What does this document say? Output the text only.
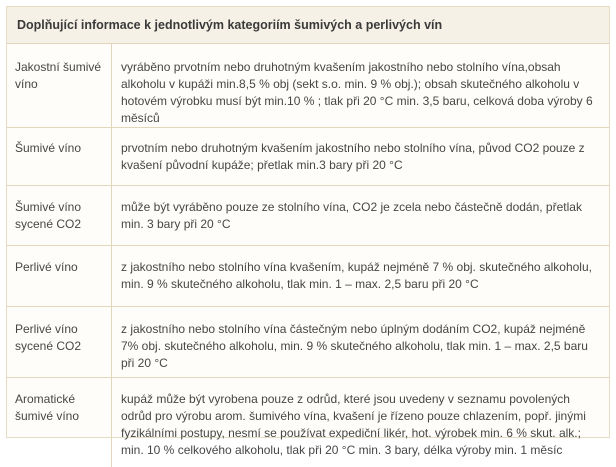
Doplňující informace k jednotlivým kategoriím šumivých a perlivých vín
Jakostní šumivé víno	vyráběno prvotním nebo druhotným kvašením jakostního nebo stolního vína,obsah alkoholu v kupáži min.8,5 % obj (sekt s.o. min. 9 % obj.); obsah skutečného alkoholu v hotovém výrobku musí být min.10 % ; tlak při 20 °C min. 3,5 baru, celková doba výroby 6 měsíců
Šumivé víno	prvotním nebo druhotným kvašením jakostního nebo stolního vína, původ CO2 pouze z kvašení původní kupáže; přetlak min.3 bary při 20 °C
Šumivé víno sycené CO2	může být vyráběno pouze ze stolního vína, CO2 je zcela nebo částečně dodán, přetlak min. 3 bary při 20 °C
Perlivé víno	z jakostního nebo stolního vína kvašením, kupáž nejméně 7 % obj. skutečného alkoholu, min. 9 % skutečného alkoholu, tlak min. 1 – max. 2,5 baru při 20 °C
Perlivé víno sycené CO2	z jakostního nebo stolního vína částečným nebo úplným dodáním CO2, kupáž nejméně 7% obj. skutečného alkoholu, min. 9 % skutečného alkoholu, tlak min. 1 – max. 2,5 baru při 20 °C
Aromatické šumivé víno	kupáž může být vyrobena pouze z odrůd, které jsou uvedeny v seznamu povolených odrůd pro výrobu arom. šumivého vína, kvašení je řízeno pouze chlazením, popř. jinými fyzikálními postupy, nesmí se používat expediční likér, hot. výrobek min. 6 % skut. alk.; min. 10 % celkového alkoholu, tlak při 20 °C min. 3 bary, délka výroby min. 1 měsíc
